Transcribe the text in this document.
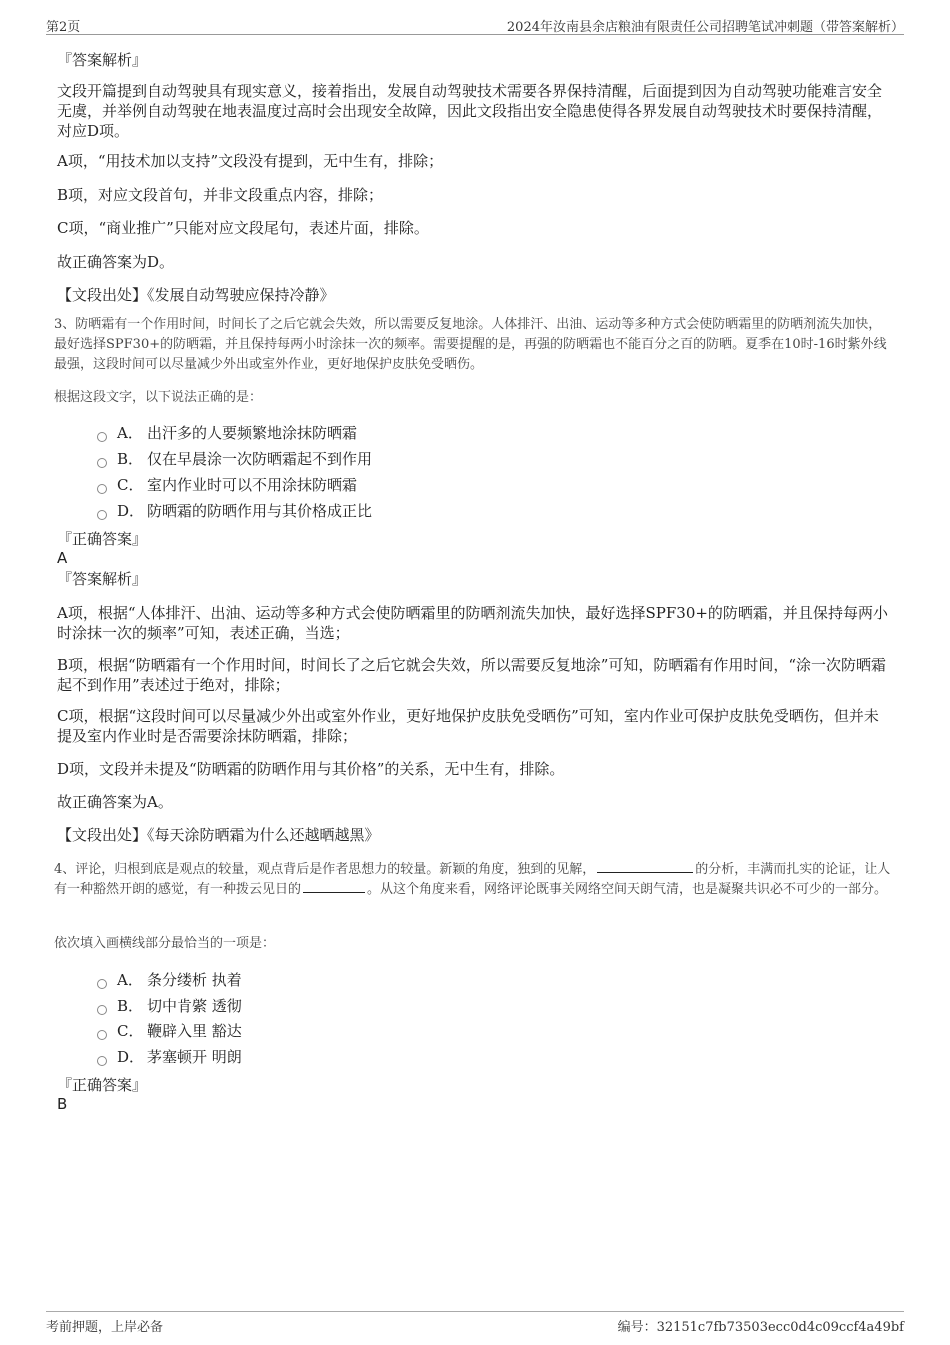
第2页	2024年汝南县余店粮油有限责任公司招聘笔试冲刺题（带答案解析）
『答案解析』
文段开篇提到自动驾驶具有现实意义，接着指出，发展自动驾驶技术需要各界保持清醒，后面提到因为自动驾驶功能难言安全无虞，并举例自动驾驶在地表温度过高时会出现安全故障，因此文段指出安全隐患使得各界发展自动驾驶技术时要保持清醒，对应D项。
A项，“用技术加以支持”文段没有提到，无中生有，排除；
B项，对应文段首句，并非文段重点内容，排除；
C项，“商业推广”只能对应文段尾句，表述片面，排除。
故正确答案为D。
【文段出处】《发展自动驾驶应保持冷静》
3、防晒霜有一个作用时间，时间长了之后它就会失效，所以需要反复地涂。人体排汗、出油、运动等多种方式会使防晒霜里的防晒剂流失加快，最好选择SPF30+的防晒霜，并且保持每两小时涂抹一次的频率。需要提醒的是，再强的防晒霜也不能百分之百的防晒。夏季在10时-16时紫外线最强，这段时间可以尽量减少外出或室外作业，更好地保护皮肤免受晒伤。
根据这段文字，以下说法正确的是：
A． 出汗多的人要频繁地涂抹防晒霜
B． 仅在早晨涂一次防晒霜起不到作用
C． 室内作业时可以不用涂抹防晒霜
D． 防晒霜的防晒作用与其价格成正比
『正确答案』
A
『答案解析』
A项，根据“人体排汗、出油、运动等多种方式会使防晒霜里的防晒剂流失加快，最好选择SPF30+的防晒霜，并且保持每两小时涂抹一次的频率”可知，表述正确，当选；
B项，根据“防晒霜有一个作用时间，时间长了之后它就会失效，所以需要反复地涂”可知，防晒霜有作用时间，“涂一次防晒霜起不到作用”表述过于绝对，排除；
C项，根据“这段时间可以尽量减少外出或室外作业，更好地保护皮肤免受晒伤”可知，室内作业可保护皮肤免受晒伤，但并未提及室内作业时是否需要涂抹防晒霜，排除；
D项，文段并未提及“防晒霜的防晒作用与其价格”的关系，无中生有，排除。
故正确答案为A。
【文段出处】《每天涂防晒霜为什么还越晒越黑》
4、评论，归根到底是观点的较量，观点背后是作者思想力的较量。新颖的角度，独到的见解，	的分析，丰满而扎实的论证，让人有一种豁然开朗的感觉，有一种拨云见日的	。从这个角度来看，网络评论既事关网络空间天朗气清，也是凝聚共识必不可少的一部分。
依次填入画横线部分最恰当的一项是：
A． 条分缕析 执着
B． 切中肯綮 透彻
C． 鞭辟入里 豁达
D． 茅塞顿开 明朗
『正确答案』
B
考前押题，上岸必备	编号：32151c7fb73503ecc0d4c09ccf4a49bf
